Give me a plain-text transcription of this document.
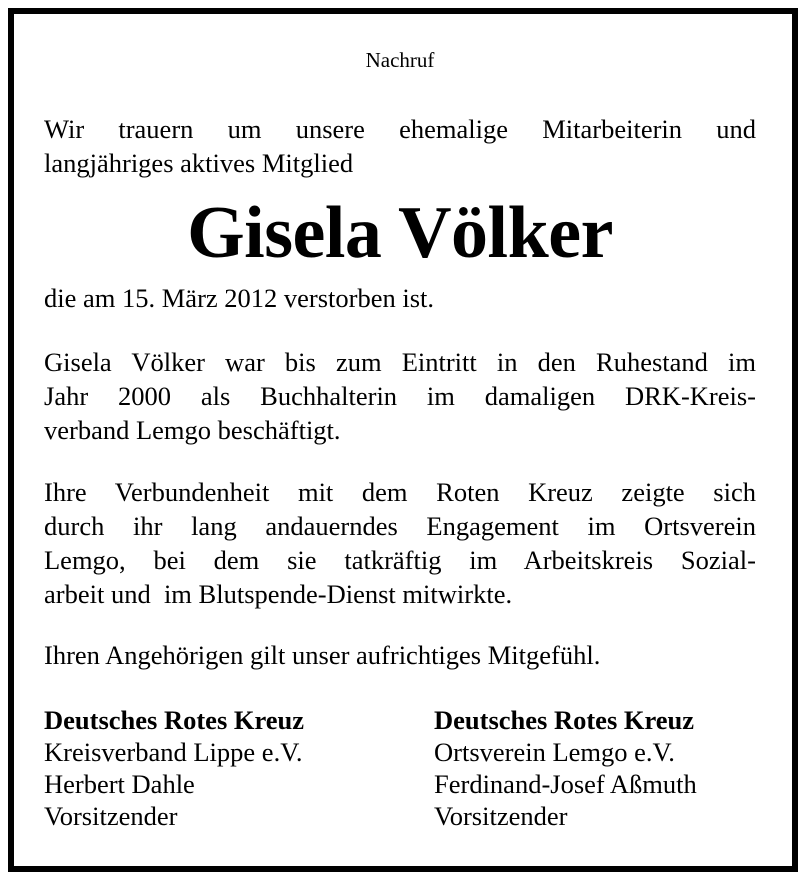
Nachruf
Wir trauern um unsere ehemalige Mitarbeiterin und
langjähriges aktives Mitglied
Gisela Völker
die am 15. März 2012 verstorben ist.
Gisela Völker war bis zum Eintritt in den Ruhestand im
Jahr 2000 als Buchhalterin im damaligen DRK-Kreis-
verband Lemgo beschäftigt.
Ihre Verbundenheit mit dem Roten Kreuz zeigte sich
durch ihr lang andauerndes Engagement im Ortsverein
Lemgo, bei dem sie tatkräftig im Arbeitskreis Sozial-
arbeit und  im Blutspende-Dienst mitwirkte.
Ihren Angehörigen gilt unser aufrichtiges Mitgefühl.
Deutsches Rotes Kreuz
Kreisverband Lippe e.V.
Herbert Dahle
Vorsitzender
Deutsches Rotes Kreuz
Ortsverein Lemgo e.V.
Ferdinand-Josef Aßmuth
Vorsitzender
